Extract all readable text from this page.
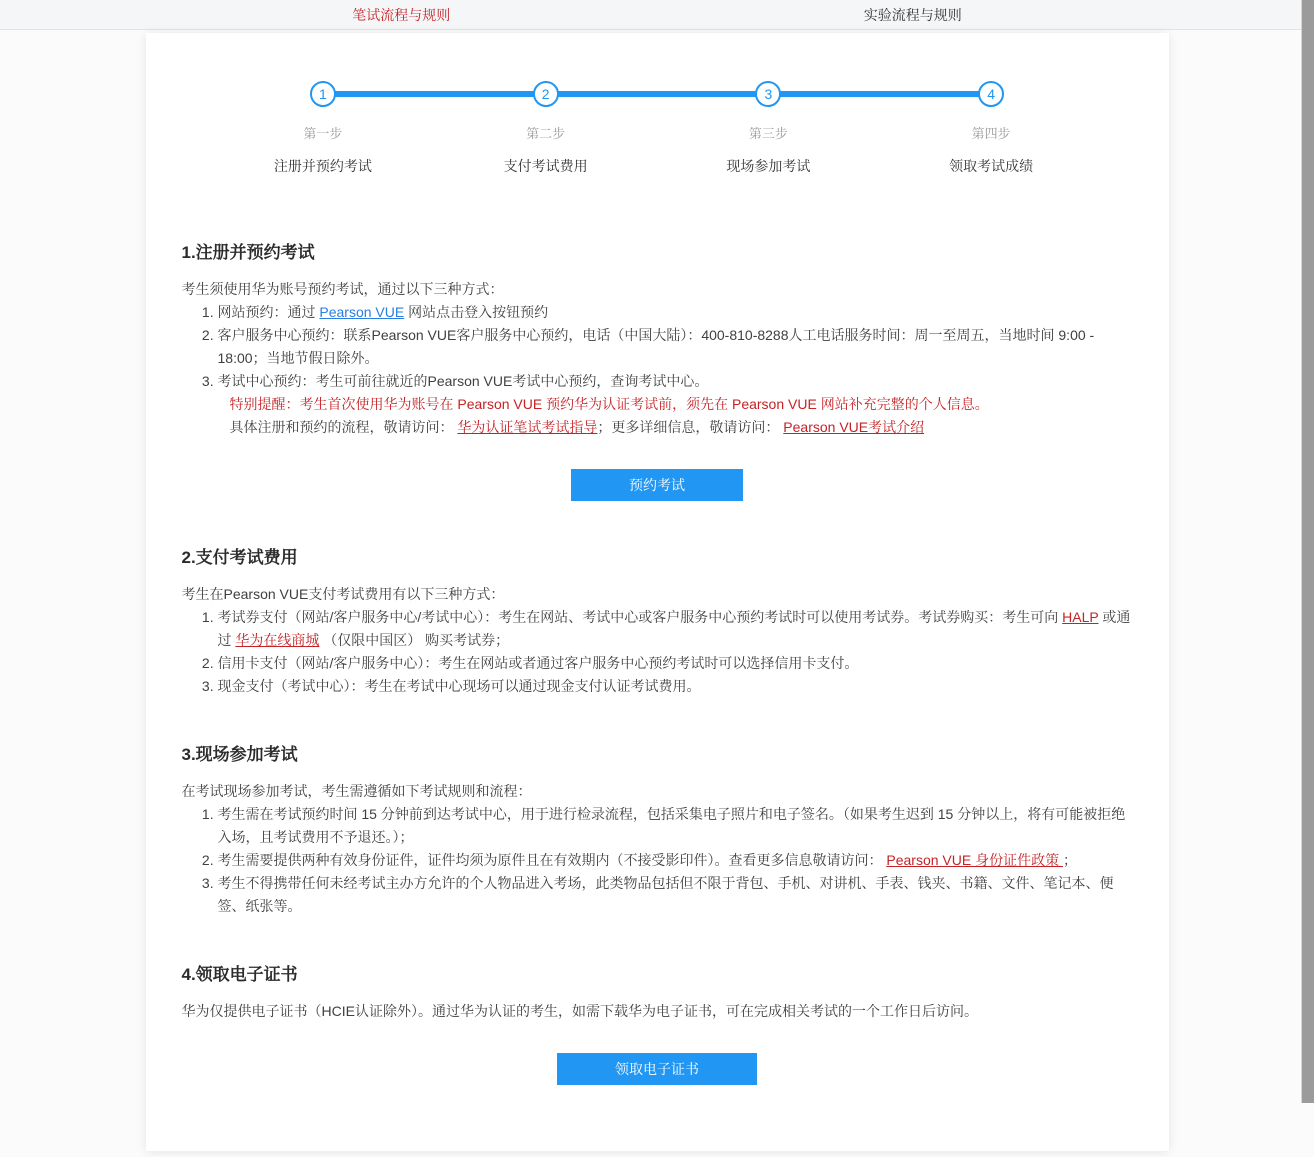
笔试流程与规则	实验流程与规则
1
第一步
注册并预约考试
2
第二步
支付考试费用
3
第三步
现场参加考试
4
第四步
领取考试成绩
1.注册并预约考试

考生须使用华为账号预约考试，通过以下三种方式：

1. 网站预约：通过 Pearson VUE 网站点击登入按钮预约
2. 客户服务中心预约：联系Pearson VUE客户服务中心预约，电话（中国大陆）：400-810-8288人工电话服务时间：周一至周五，当地时间 9:00 - 18:00；当地节假日除外。
3. 考试中心预约：考生可前往就近的Pearson VUE考试中心预约，查询考试中心。

特别提醒：考生首次使用华为账号在 Pearson VUE 预约华为认证考试前，须先在 Pearson VUE 网站补充完整的个人信息。

具体注册和预约的流程，敬请访问： 华为认证笔试考试指导；更多详细信息，敬请访问： Pearson VUE考试介绍

预约考试
2.支付考试费用

考生在Pearson VUE支付考试费用有以下三种方式：

1. 考试券支付（网站/客户服务中心/考试中心）：考生在网站、考试中心或客户服务中心预约考试时可以使用考试券。考试券购买：考生可向 HALP 或通过 华为在线商城 （仅限中国区） 购买考试券；
2. 信用卡支付（网站/客户服务中心）：考生在网站或者通过客户服务中心预约考试时可以选择信用卡支付。
3. 现金支付（考试中心）：考生在考试中心现场可以通过现金支付认证考试费用。
3.现场参加考试

在考试现场参加考试，考生需遵循如下考试规则和流程：

1. 考生需在考试预约时间 15 分钟前到达考试中心，用于进行检录流程，包括采集电子照片和电子签名。（如果考生迟到 15 分钟以上，将有可能被拒绝入场，且考试费用不予退还。）；
2. 考生需要提供两种有效身份证件，证件均须为原件且在有效期内（不接受影印件）。查看更多信息敬请访问： Pearson VUE 身份证件政策 ；
3. 考生不得携带任何未经考试主办方允许的个人物品进入考场，此类物品包括但不限于背包、手机、对讲机、手表、钱夹、书籍、文件、笔记本、便签、纸张等。
4.领取电子证书

华为仅提供电子证书（HCIE认证除外）。通过华为认证的考生，如需下载华为电子证书，可在完成相关考试的一个工作日后访问。

领取电子证书
